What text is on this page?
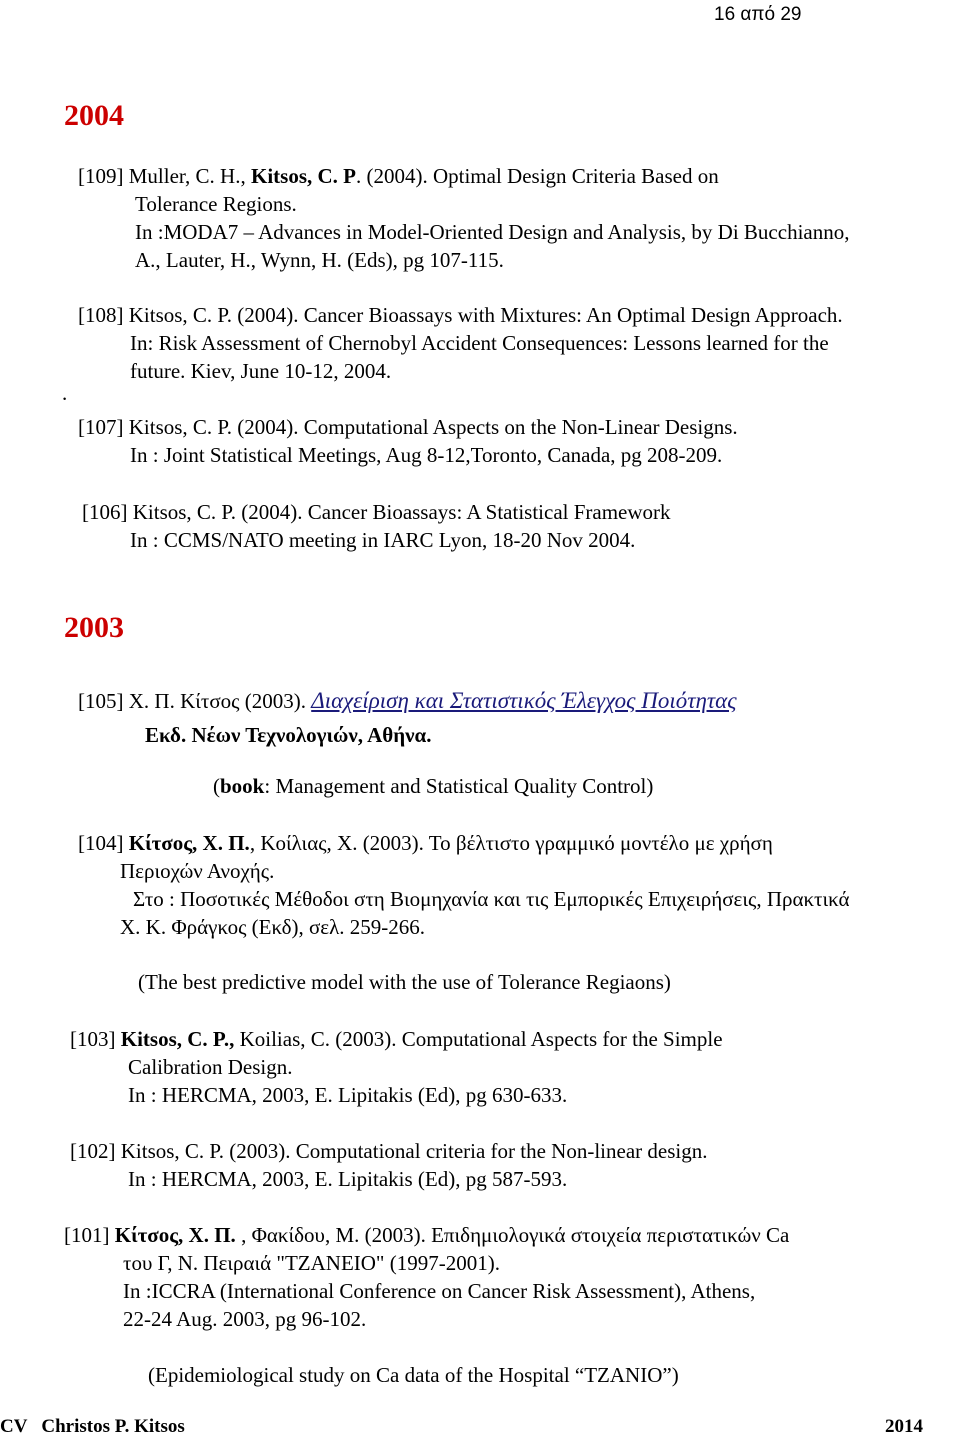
16 από 29
2004
[109] Muller, C. H., Kitsos, C. P. (2004). Optimal Design Criteria Based on
Tolerance Regions.
In :MODA7 – Advances in Model-Oriented Design and Analysis, by Di Bucchianno,
A., Lauter, H., Wynn, H. (Eds), pg 107-115.
[108] Kitsos, C. P. (2004). Cancer Bioassays with Mixtures: An Optimal Design Approach.
In: Risk Assessment of Chernobyl Accident Consequences: Lessons learned for the
future. Kiev, June 10-12, 2004.
.
[107] Kitsos, C. P. (2004). Computational Aspects on the Non-Linear Designs.
In : Joint Statistical Meetings, Aug 8-12,Toronto, Canada, pg 208-209.
[106] Kitsos, C. P. (2004). Cancer Bioassays: A Statistical Framework
In : CCMS/NATO meeting in IARC Lyon, 18-20 Nov 2004.
2003
[105] Χ. Π. Κίτσος (2003). Διαχείριση και Στατιστικός Έλεγχος Ποιότητας
Εκδ. Νέων Τεχνολογιών, Αθήνα.
(book: Management and Statistical Quality Control)
[104] Κίτσος, Χ. Π., Κοίλιας, Χ. (2003). Το βέλτιστο γραμμικό μοντέλο με χρήση
Περιοχών Ανοχής.
Στο : Ποσοτικές Μέθοδοι στη Βιομηχανία και τις Εμπορικές Επιχειρήσεις, Πρακτικά
Χ. Κ. Φράγκος (Εκδ), σελ. 259-266.
(The best predictive model with the use of Tolerance Regiaons)
[103] Kitsos, C. P., Koilias, C. (2003). Computational Aspects for the Simple
Calibration Design.
In : HERCMA, 2003, E. Lipitakis (Ed), pg 630-633.
[102] Kitsos, C. P. (2003). Computational criteria for the Non-linear design.
In : HERCMA, 2003, E. Lipitakis (Ed), pg 587-593.
[101] Κίτσος, Χ. Π. , Φακίδου, Μ. (2003). Επιδημιολογικά στοιχεία περιστατικών Ca
του Γ, Ν. Πειραιά "ΤΖΑΝΕΙΟ" (1997-2001).
In :ICCRA (International Conference on Cancer Risk Assessment), Athens,
22-24 Aug. 2003, pg 96-102.
(Epidemiological study on Ca data of the Hospital “TZANIO”)
CV   Christos P. Kitsos	2014
